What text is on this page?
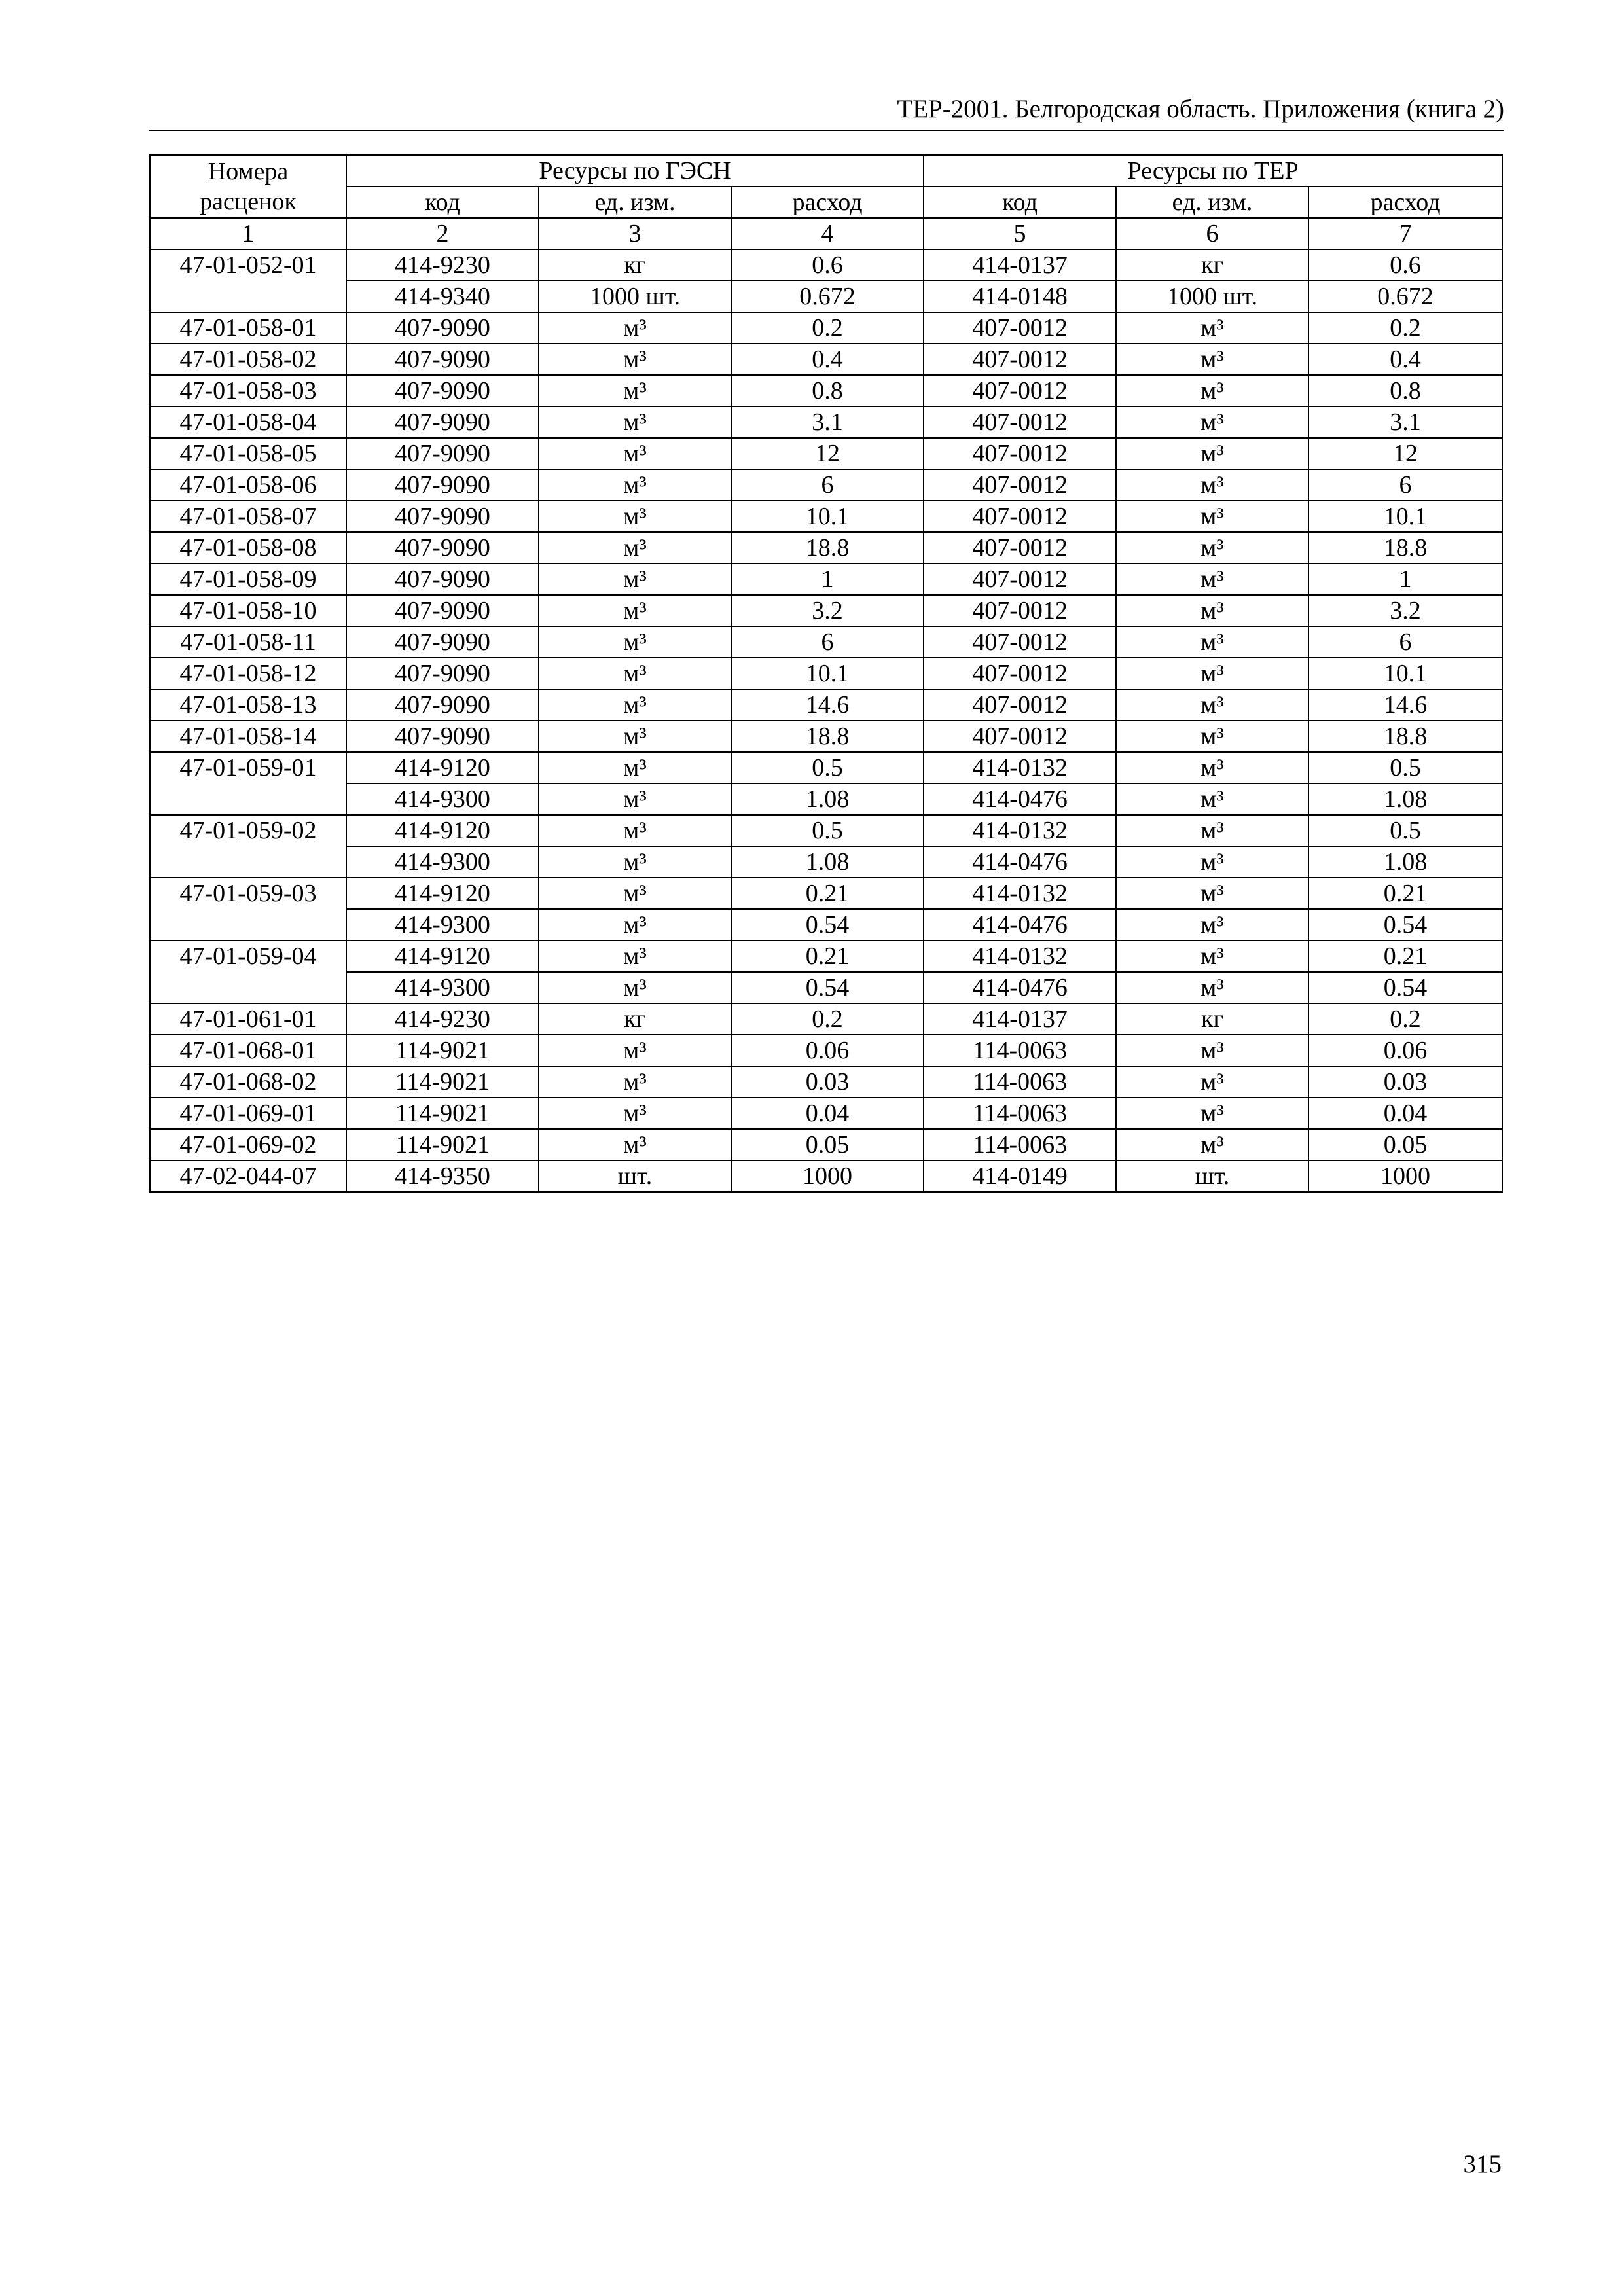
ТЕР-2001. Белгородская область. Приложения (книга 2)
Номера
расценок	Ресурсы по ГЭСН			Ресурсы по ТЕР		
	код	ед. изм.	расход	код	ед. изм.	расход
1	2	3	4	5	6	7
47-01-052-01	414-9230	кг	0.6	414-0137	кг	0.6
	414-9340	1000 шт.	0.672	414-0148	1000 шт.	0.672
47-01-058-01	407-9090	м³	0.2	407-0012	м³	0.2
47-01-058-02	407-9090	м³	0.4	407-0012	м³	0.4
47-01-058-03	407-9090	м³	0.8	407-0012	м³	0.8
47-01-058-04	407-9090	м³	3.1	407-0012	м³	3.1
47-01-058-05	407-9090	м³	12	407-0012	м³	12
47-01-058-06	407-9090	м³	6	407-0012	м³	6
47-01-058-07	407-9090	м³	10.1	407-0012	м³	10.1
47-01-058-08	407-9090	м³	18.8	407-0012	м³	18.8
47-01-058-09	407-9090	м³	1	407-0012	м³	1
47-01-058-10	407-9090	м³	3.2	407-0012	м³	3.2
47-01-058-11	407-9090	м³	6	407-0012	м³	6
47-01-058-12	407-9090	м³	10.1	407-0012	м³	10.1
47-01-058-13	407-9090	м³	14.6	407-0012	м³	14.6
47-01-058-14	407-9090	м³	18.8	407-0012	м³	18.8
47-01-059-01	414-9120	м³	0.5	414-0132	м³	0.5
	414-9300	м³	1.08	414-0476	м³	1.08
47-01-059-02	414-9120	м³	0.5	414-0132	м³	0.5
	414-9300	м³	1.08	414-0476	м³	1.08
47-01-059-03	414-9120	м³	0.21	414-0132	м³	0.21
	414-9300	м³	0.54	414-0476	м³	0.54
47-01-059-04	414-9120	м³	0.21	414-0132	м³	0.21
	414-9300	м³	0.54	414-0476	м³	0.54
47-01-061-01	414-9230	кг	0.2	414-0137	кг	0.2
47-01-068-01	114-9021	м³	0.06	114-0063	м³	0.06
47-01-068-02	114-9021	м³	0.03	114-0063	м³	0.03
47-01-069-01	114-9021	м³	0.04	114-0063	м³	0.04
47-01-069-02	114-9021	м³	0.05	114-0063	м³	0.05
47-02-044-07	414-9350	шт.	1000	414-0149	шт.	1000
315
